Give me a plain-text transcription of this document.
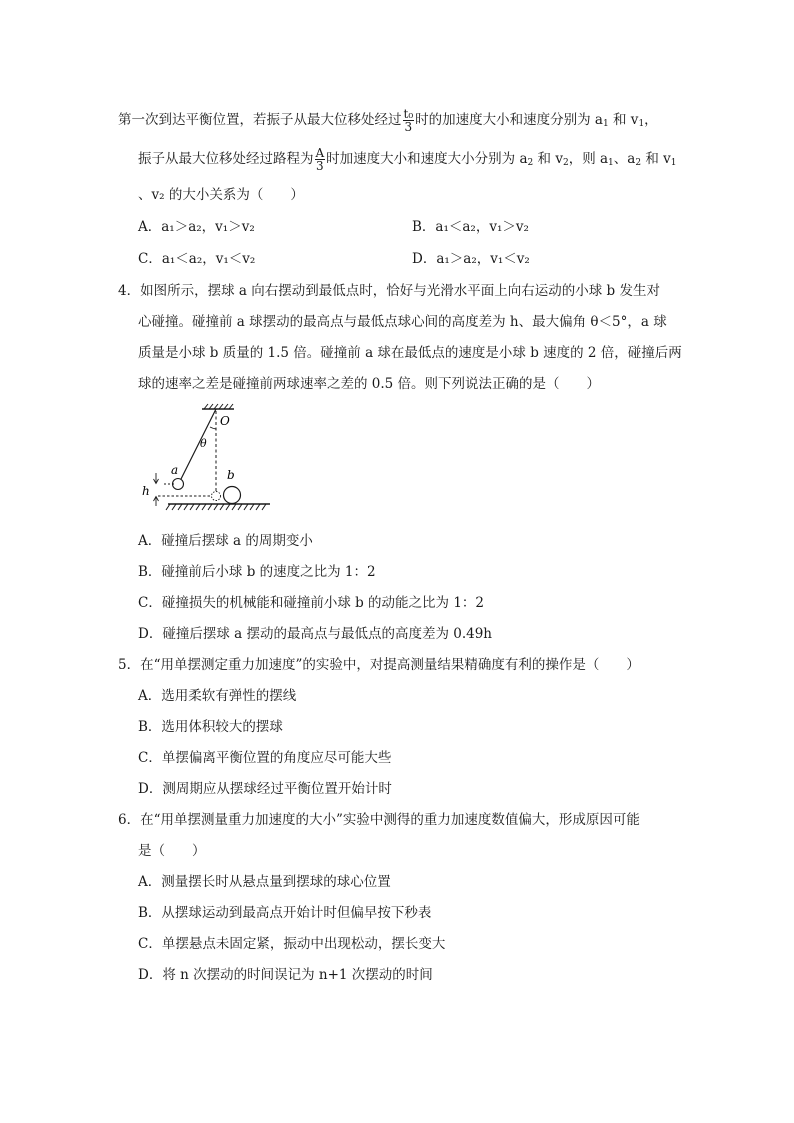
第一次到达平衡位置，若振子从最大位移处经过 $\frac{\text{t₀}}{3}$ 时的加速度大小和速度分别为 $a_1$ 和 $v_1$，
振子从最大位移处经过路程为 $\frac{A}{3}$ 时加速度大小和速度大小分别为 $a_2$ 和 $v_2$，则 $a_1$、$a_2$ 和 $v_1$
、v₂ 的大小关系为（　　）
A．a₁＞a₂，v₁＞v₂	B．a₁＜a₂，v₁＞v₂
C．a₁＜a₂，v₁＜v₂	D．a₁＞a₂，v₁＜v₂
4．如图所示，摆球 a 向右摆动到最低点时，恰好与光滑水平面上向右运动的小球 b 发生对
心碰撞。碰撞前 a 球摆动的最高点与最低点球心间的高度差为 h、最大偏角 θ＜5°，a 球
质量是小球 b 质量的 1.5 倍。碰撞前 a 球在最低点的速度是小球 b 速度的 2 倍，碰撞后两
球的速率之差是碰撞前两球速率之差的 0.5 倍。则下列说法正确的是（　　）
O
θ
a	b
h
A．碰撞后摆球 a 的周期变小
B．碰撞前后小球 b 的速度之比为 1：2
C．碰撞损失的机械能和碰撞前小球 b 的动能之比为 1：2
D．碰撞后摆球 a 摆动的最高点与最低点的高度差为 0.49h
5．在“用单摆测定重力加速度”的实验中，对提高测量结果精确度有利的操作是（　　）
A．选用柔软有弹性的摆线
B．选用体积较大的摆球
C．单摆偏离平衡位置的角度应尽可能大些
D．测周期应从摆球经过平衡位置开始计时
6．在“用单摆测量重力加速度的大小”实验中测得的重力加速度数值偏大，形成原因可能
是（　　）
A．测量摆长时从悬点量到摆球的球心位置
B．从摆球运动到最高点开始计时但偏早按下秒表
C．单摆悬点未固定紧，振动中出现松动，摆长变大
D．将 n 次摆动的时间误记为 n+1 次摆动的时间
